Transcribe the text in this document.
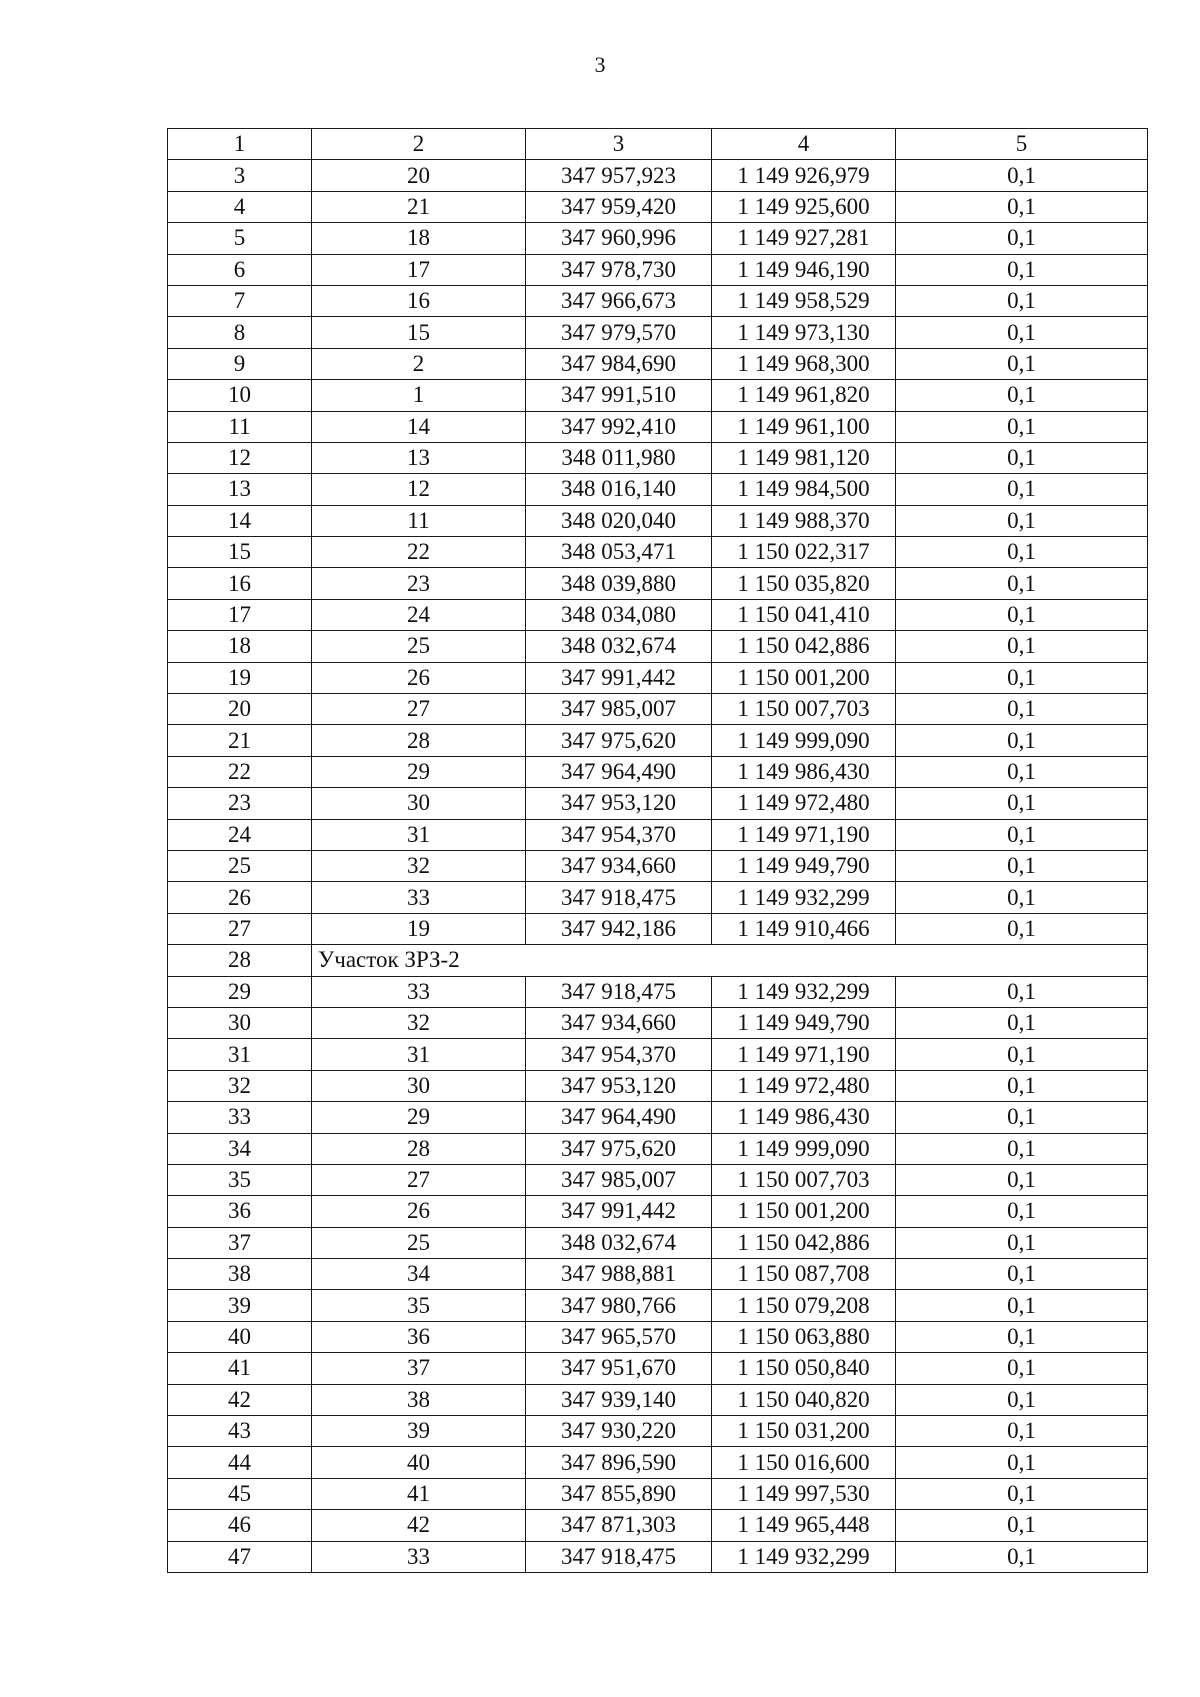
3
1	2	3	4	5
3	20	347 957,923	1 149 926,979	0,1
4	21	347 959,420	1 149 925,600	0,1
5	18	347 960,996	1 149 927,281	0,1
6	17	347 978,730	1 149 946,190	0,1
7	16	347 966,673	1 149 958,529	0,1
8	15	347 979,570	1 149 973,130	0,1
9	2	347 984,690	1 149 968,300	0,1
10	1	347 991,510	1 149 961,820	0,1
11	14	347 992,410	1 149 961,100	0,1
12	13	348 011,980	1 149 981,120	0,1
13	12	348 016,140	1 149 984,500	0,1
14	11	348 020,040	1 149 988,370	0,1
15	22	348 053,471	1 150 022,317	0,1
16	23	348 039,880	1 150 035,820	0,1
17	24	348 034,080	1 150 041,410	0,1
18	25	348 032,674	1 150 042,886	0,1
19	26	347 991,442	1 150 001,200	0,1
20	27	347 985,007	1 150 007,703	0,1
21	28	347 975,620	1 149 999,090	0,1
22	29	347 964,490	1 149 986,430	0,1
23	30	347 953,120	1 149 972,480	0,1
24	31	347 954,370	1 149 971,190	0,1
25	32	347 934,660	1 149 949,790	0,1
26	33	347 918,475	1 149 932,299	0,1
27	19	347 942,186	1 149 910,466	0,1
28	Участок ЗРЗ-2			
29	33	347 918,475	1 149 932,299	0,1
30	32	347 934,660	1 149 949,790	0,1
31	31	347 954,370	1 149 971,190	0,1
32	30	347 953,120	1 149 972,480	0,1
33	29	347 964,490	1 149 986,430	0,1
34	28	347 975,620	1 149 999,090	0,1
35	27	347 985,007	1 150 007,703	0,1
36	26	347 991,442	1 150 001,200	0,1
37	25	348 032,674	1 150 042,886	0,1
38	34	347 988,881	1 150 087,708	0,1
39	35	347 980,766	1 150 079,208	0,1
40	36	347 965,570	1 150 063,880	0,1
41	37	347 951,670	1 150 050,840	0,1
42	38	347 939,140	1 150 040,820	0,1
43	39	347 930,220	1 150 031,200	0,1
44	40	347 896,590	1 150 016,600	0,1
45	41	347 855,890	1 149 997,530	0,1
46	42	347 871,303	1 149 965,448	0,1
47	33	347 918,475	1 149 932,299	0,1
